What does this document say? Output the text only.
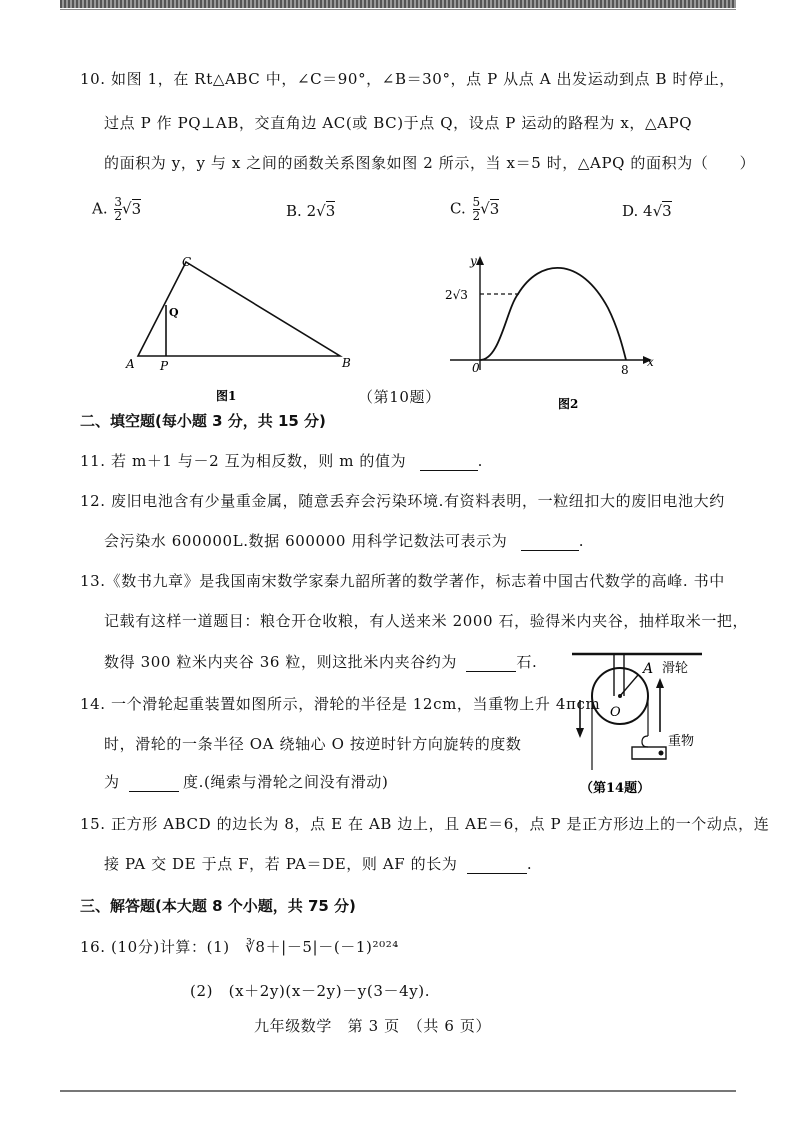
10. 如图 1，在 Rt△ABC 中，∠C＝90°，∠B＝30°，点 P 从点 A 出发运动到点 B 时停止，
过点 P 作 PQ⊥AB，交直角边 AC(或 BC)于点 Q，设点 P 运动的路程为 x，△APQ
的面积为 y，y 与 x 之间的函数关系图象如图 2 所示，当 x＝5 时，△APQ 的面积为（　　）
A. $\frac{3}{2} √3$	B. 2√3	C. $\frac{5}{2} √3$	D. 4√3
C
Q
A P	B
图1	（第10题）
y
x
0	8
2√3
图2
二、填空题(每小题 3 分，共 15 分)
11. 若 m＋1 与－2 互为相反数，则 m 的值为	.
12. 废旧电池含有少量重金属，随意丢弃会污染环境.有资料表明，一粒纽扣大的废旧电池大约
会污染水 600000L.数据 600000 用科学记数法可表示为	.
13.《数书九章》是我国南宋数学家秦九韶所著的数学著作，标志着中国古代数学的高峰. 书中
记载有这样一道题目：粮仓开仓收粮，有人送来米 2000 石，验得米内夹谷，抽样取米一把，
数得 300 粒米内夹谷 36 粒，则这批米内夹谷约为	石.
14. 一个滑轮起重装置如图所示，滑轮的半径是 12cm，当重物上升 4πcm
时，滑轮的一条半径 OA 绕轴心 O 按逆时针方向旋转的度数
为	度.(绳索与滑轮之间没有滑动)
A
O
滑轮
重物
（第14题）
15. 正方形 ABCD 的边长为 8，点 E 在 AB 边上，且 AE＝6，点 P 是正方形边上的一个动点，连
接 PA 交 DE 于点 F，若 PA＝DE，则 AF 的长为	.
三、解答题(本大题 8 个小题，共 75 分)
16. (10分)计算：(1)　∛8＋|－5|－(－1)²⁰²⁴
(2)　(x＋2y)(x－2y)－y(3－4y).
九年级数学　第 3 页　（共 6 页）
